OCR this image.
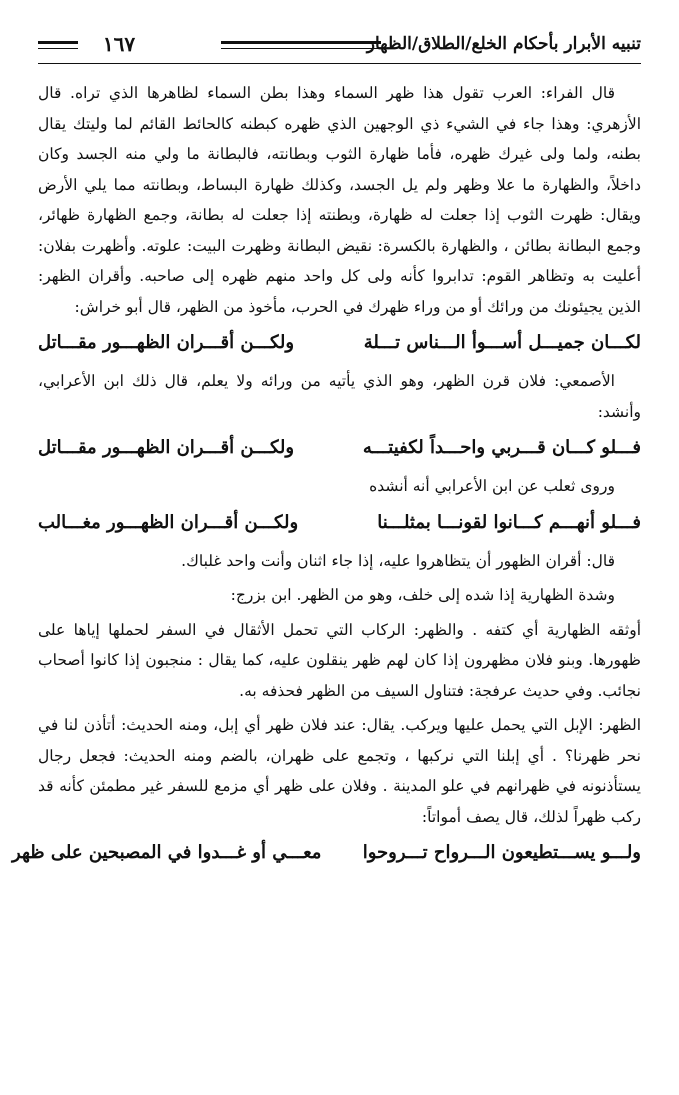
تنبيه الأبرار بأحكام الخلع/الطلاق/الظهار
١٦٧

قال الفراء: العرب تقول هذا ظهر السماء وهذا بطن السماء لظاهرها الذي تراه. قال الأزهري: وهذا جاء في الشيء ذي الوجهين الذي ظهره كبطنه كالحائط القائم لما وليتك يقال بطنه، ولما ولى غيرك ظهره، فأما ظهارة الثوب وبطانته، فالبطانة ما ولي منه الجسد وكان داخلاً، والظهارة ما علا وظهر ولم يل الجسد، وكذلك ظهارة البساط، وبطانته مما يلي الأرض ويقال: ظهرت الثوب إذا جعلت له ظهارة، وبطنته إذا جعلت له بطانة، وجمع الظهارة ظهائر، وجمع البطانة بطائن ، والظهارة بالكسرة: نقيض البطانة وظهرت البيت: علوته. وأظهرت بفلان: أعليت به وتظاهر القوم: تدابروا كأنه ولى كل واحد منهم ظهره إلى صاحبه. وأقران الظهر: الذين يجيئونك من ورائك أو من وراء ظهرك في الحرب، مأخوذ من الظهر، قال أبو خراش:

لكـــان جميـــل أســـوأ الـــناس تـــلة
ولكـــن أقـــران الظهـــور مقـــاتل

الأصمعي: فلان قرن الظهر، وهو الذي يأتيه من ورائه ولا يعلم، قال ذلك ابن الأعرابي، وأنشد:

فـــلو كـــان قـــربي واحـــداً لكفيتـــه
ولكـــن أقـــران الظهـــور مقـــاتل

وروى ثعلب عن ابن الأعرابي أنه أنشده

فـــلو أنهـــم كـــانوا لقونـــا بمثلـــنا
ولكـــن أقـــران الظهـــور مغـــالب

قال: أقران الظهور أن يتظاهروا عليه، إذا جاء اثنان وأنت واحد غلباك.

وشدة الظهارية إذا شده إلى خلف، وهو من الظهر. ابن بزرج:

أوثقه الظهارية أي كتفه . والظهر: الركاب التي تحمل الأثقال في السفر لحملها إياها على ظهورها. وبنو فلان مظهرون إذا كان لهم ظهر ينقلون عليه، كما يقال : منجبون إذا كانوا أصحاب نجائب. وفي حديث عرفجة: فتناول السيف من الظهر فحذفه به.

الظهر: الإبل التي يحمل عليها ويركب. يقال: عند فلان ظهر أي إبل، ومنه الحديث: أتأذن لنا في نحر ظهرنا؟ . أي إبلنا التي نركبها ، وتجمع على ظهران، بالضم ومنه الحديث: فجعل رجال يستأذنونه في ظهرانهم في علو المدينة . وفلان على ظهر أي مزمع للسفر غير مطمئن كأنه قد ركب ظهراً لذلك، قال يصف أمواتاً:

ولـــو يســـتطيعون الـــرواح تـــروحوا
معـــي أو غـــدوا في المصبحين على ظهر
